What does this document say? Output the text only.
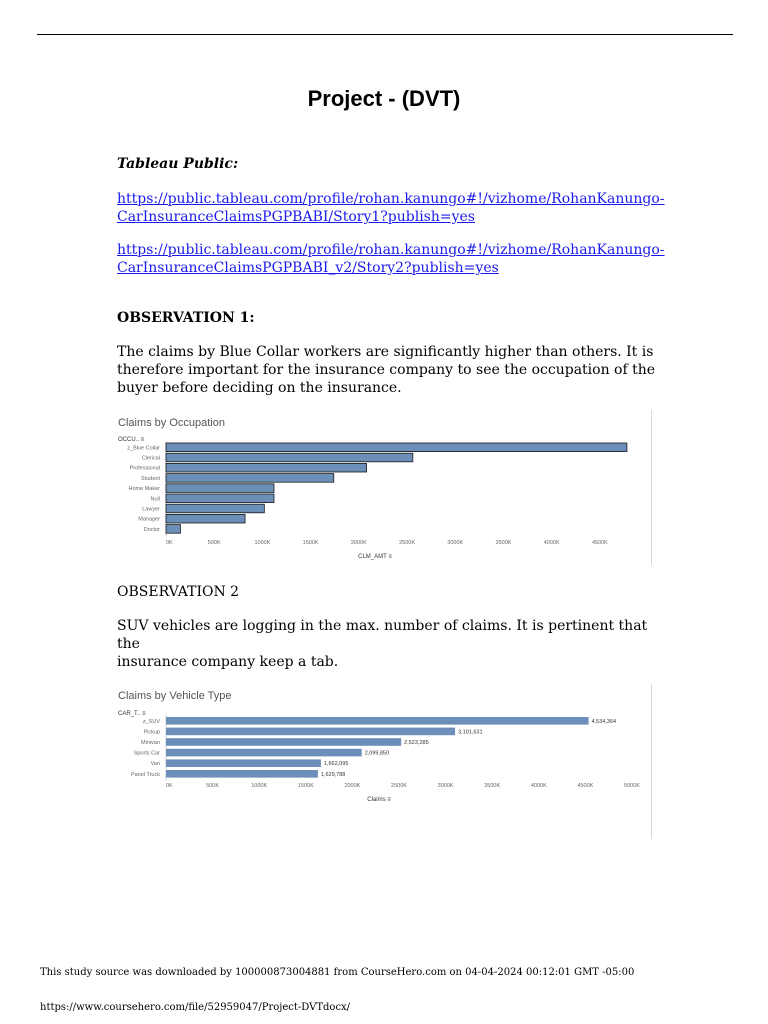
Project - (DVT)
Tableau Public:
https://public.tableau.com/profile/rohan.kanungo#!/vizhome/RohanKanungo-
CarInsuranceClaimsPGPBABI/Story1?publish=yes
https://public.tableau.com/profile/rohan.kanungo#!/vizhome/RohanKanungo-
CarInsuranceClaimsPGPBABI_v2/Story2?publish=yes
OBSERVATION 1:
The claims by Blue Collar workers are significantly higher than others. It is
therefore important for the insurance company to see the occupation of the
buyer before deciding on the insurance.
Claims by Occupation
OCCU.. ≡
z_Blue Collar
Clerical
Professional
Student
Home Maker
Null
Lawyer
Manager
Doctor
0K	500K	1000K	1500K	2000K	2500K	3000K	3500K	4000K	4500K
CLM_AMT ≡
OBSERVATION 2
SUV vehicles are logging in the max. number of claims. It is pertinent that the
insurance company keep a tab.
Claims by Vehicle Type
CAR_T.. ≡
z_SUV	4,534,364
Pickup	3,101,631
Minivan	2,523,285
Sports Car	2,099,850
Van	1,662,095
Panel Truck	1,629,788
0K	500K	1000K	1500K	2000K	2500K	3000K	3500K	4000K	4500K	5000K
Claims ≡
This study source was downloaded by 100000873004881 from CourseHero.com on 04-04-2024 00:12:01 GMT -05:00
https://www.coursehero.com/file/52959047/Project-DVTdocx/
